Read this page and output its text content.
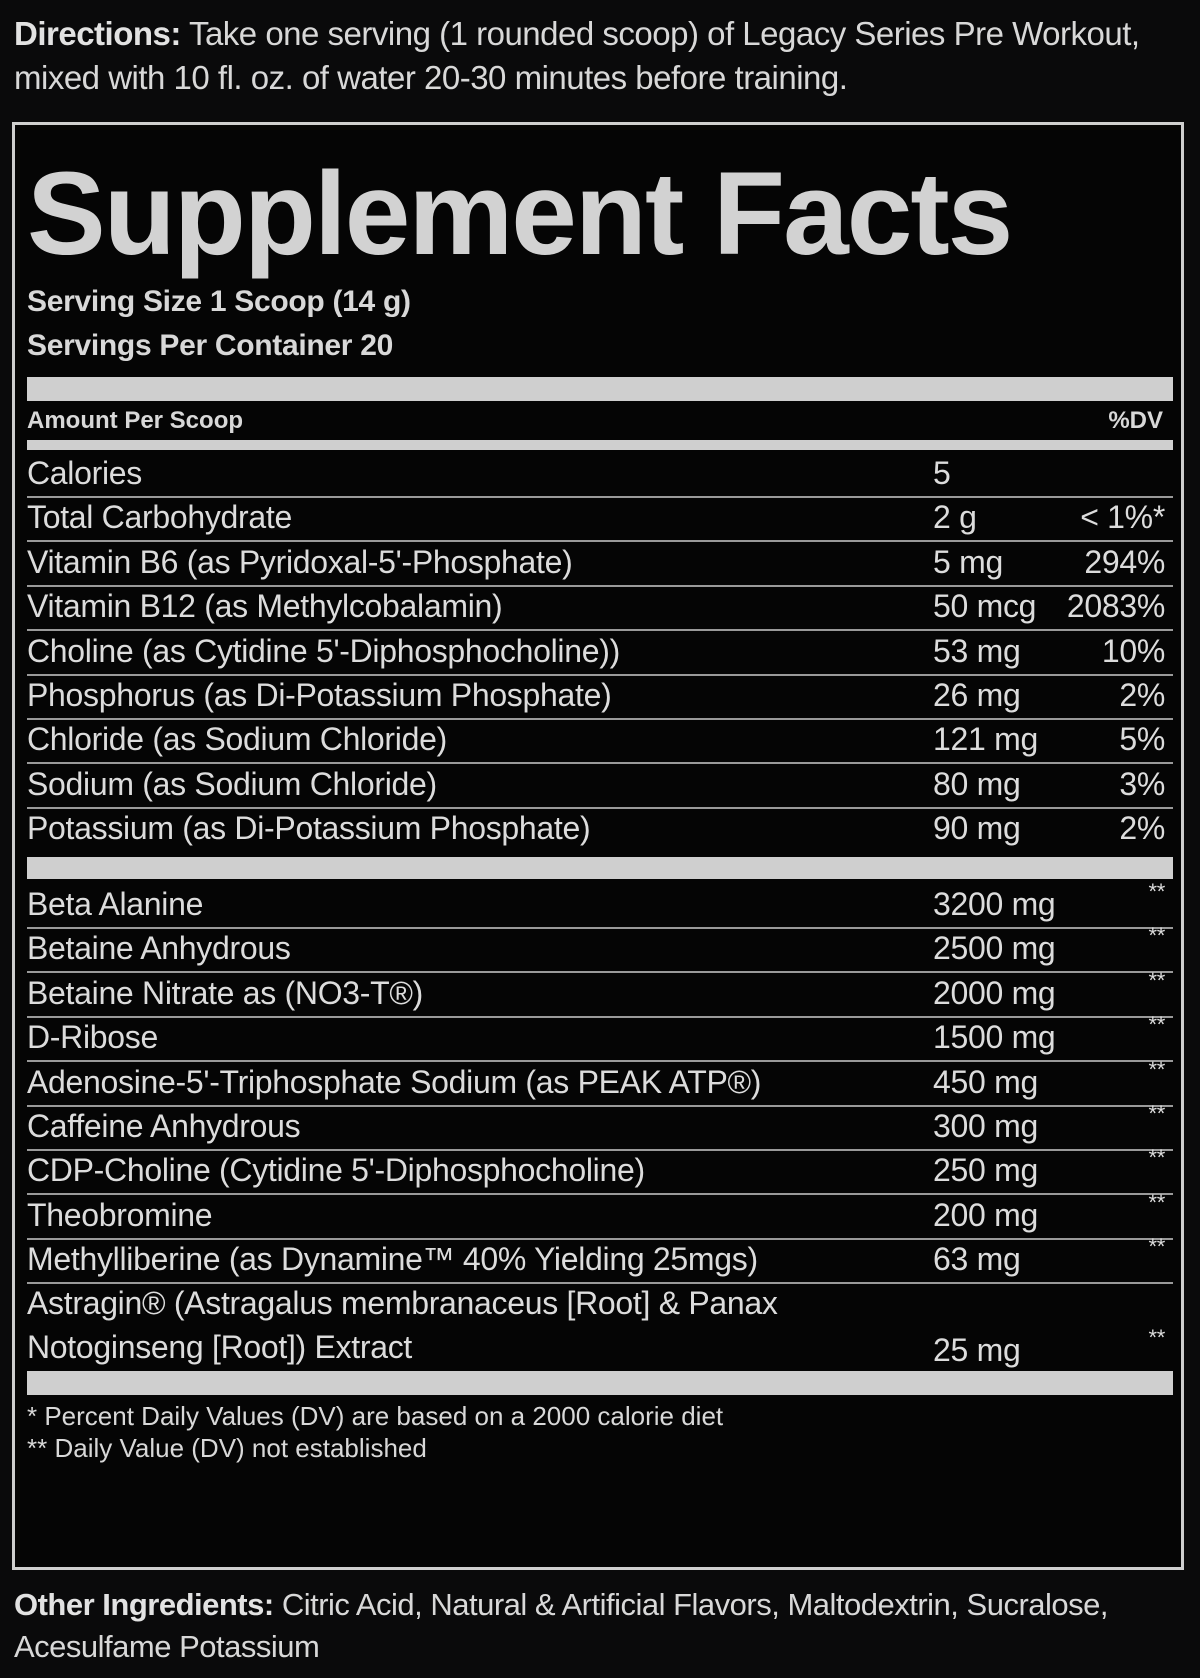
Directions: Take one serving (1 rounded scoop) of Legacy Series Pre Workout, mixed with 10 fl. oz. of water 20-30 minutes before training.
Supplement Facts
Serving Size 1 Scoop (14 g)
Servings Per Container 20
Amount Per Scoop	%DV
Calories	5
Total Carbohydrate	2 g	< 1%*
Vitamin B6 (as Pyridoxal-5'-Phosphate)	5 mg	294%
Vitamin B12 (as Methylcobalamin)	50 mcg 2083%
Choline (as Cytidine 5'-Diphosphocholine))	53 mg	10%
Phosphorus (as Di-Potassium Phosphate)	26 mg	2%
Chloride (as Sodium Chloride)	121 mg	5%
Sodium (as Sodium Chloride)	80 mg	3%
Potassium (as Di-Potassium Phosphate)	90 mg	2%
Beta Alanine	3200 mg	**
Betaine Anhydrous	2500 mg	**
Betaine Nitrate as (NO3-T®)	2000 mg	**
D-Ribose	1500 mg	**
Adenosine-5'-Triphosphate Sodium (as PEAK ATP®)	450 mg	**
Caffeine Anhydrous	300 mg	**
CDP-Choline (Cytidine 5'-Diphosphocholine)	250 mg	**
Theobromine	200 mg	**
Methylliberine (as Dynamine™ 40% Yielding 25mgs)	63 mg	**
Astragin® (Astragalus membranaceus [Root] & Panax Notoginseng [Root]) Extract	25 mg	**
* Percent Daily Values (DV) are based on a 2000 calorie diet
** Daily Value (DV) not established
Other Ingredients: Citric Acid, Natural & Artificial Flavors, Maltodextrin, Sucralose, Acesulfame Potassium
